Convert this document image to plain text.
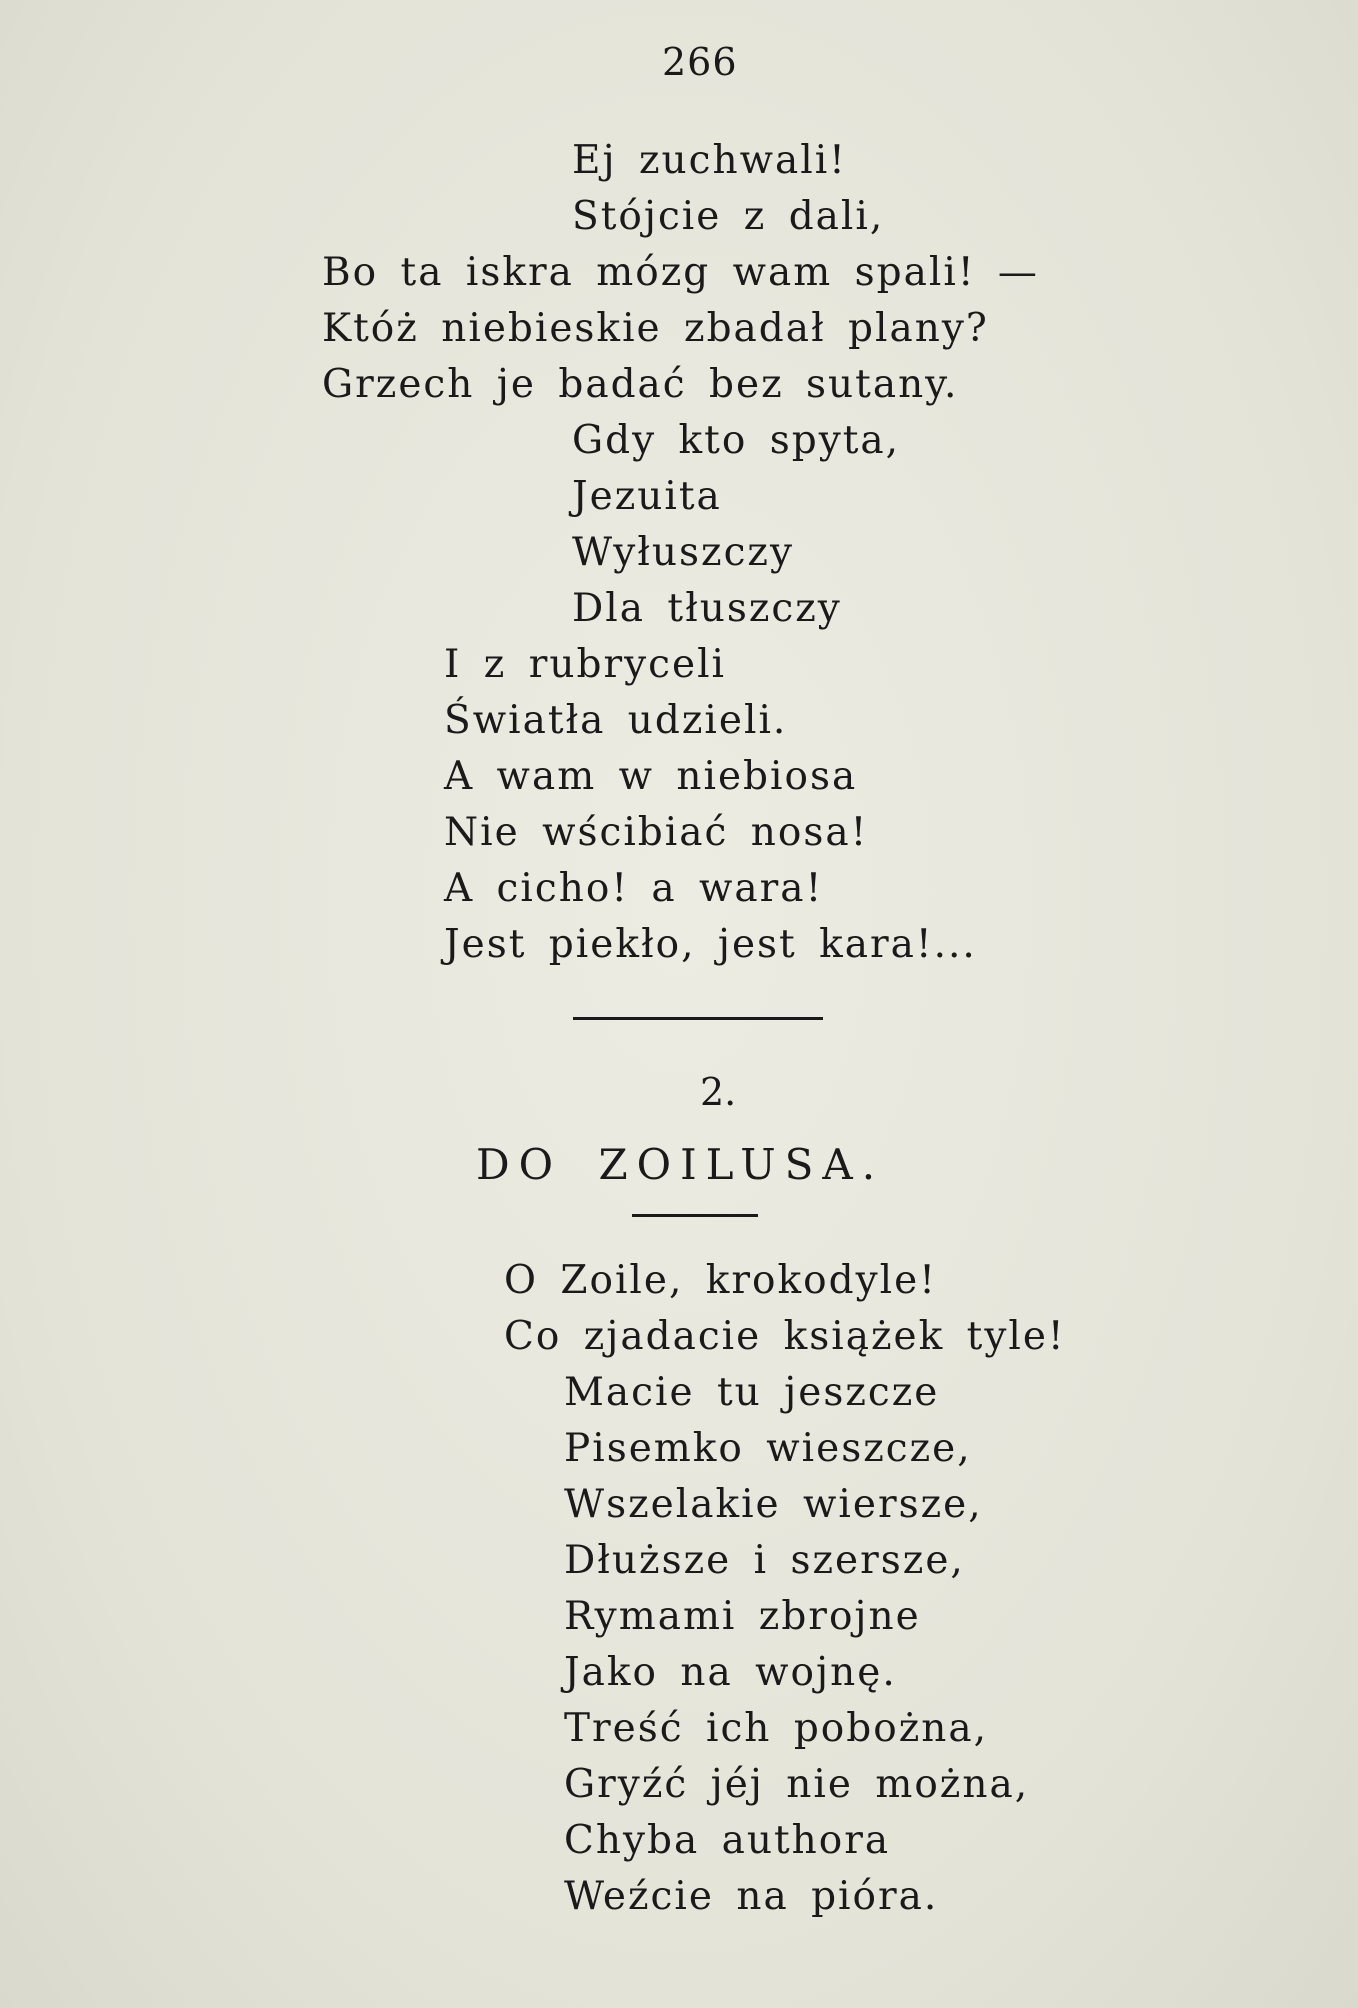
266
Ej zuchwali!
Stójcie z dali,
Bo ta iskra mózg wam spali! —
Któż niebieskie zbadał plany?
Grzech je badać bez sutany.
Gdy kto spyta,
Jezuita
Wyłuszczy
Dla tłuszczy
I z rubryceli
Światła udzieli.
A wam w niebiosa
Nie wścibiać nosa!
A cicho! a wara!
Jest piekło, jest kara!...
2.
DO ZOILUSA.
O Zoile, krokodyle!
Co zjadacie książek tyle!
Macie tu jeszcze
Pisemko wieszcze,
Wszelakie wiersze,
Dłuższe i szersze,
Rymami zbrojne
Jako na wojnę.
Treść ich pobożna,
Gryźć jéj nie można,
Chyba authora
Weźcie na pióra.
